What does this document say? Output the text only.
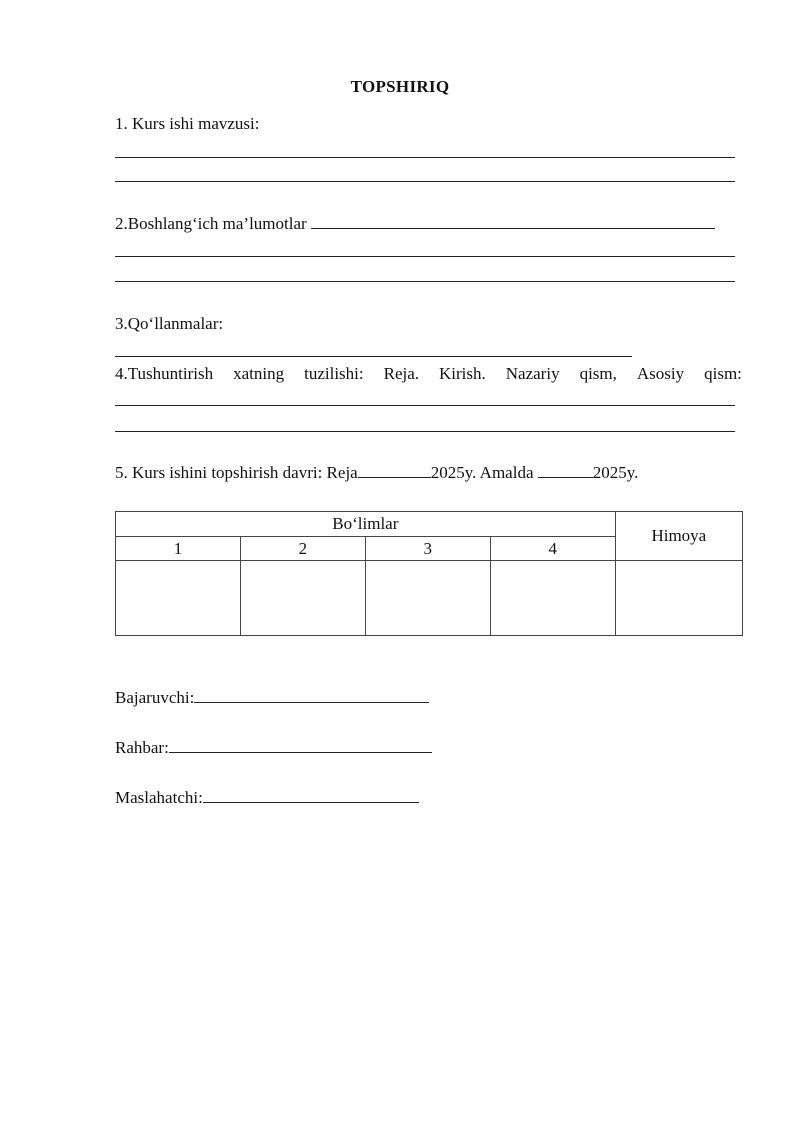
TOPSHIRIQ
1. Kurs ishi mavzusi:
2.Boshlang‘ich ma’lumotlar
3.Qo‘llanmalar:
4.Tushuntirish xatning tuzilishi: Reja. Kirish. Nazariy qism, Asosiy qism:
5. Kurs ishini topshirish davri: Reja	2025y. Amalda	2025y.
Bo‘limlar				Himoya
1	2	3	4	

Bajaruvchi:
Rahbar:
Maslahatchi:
